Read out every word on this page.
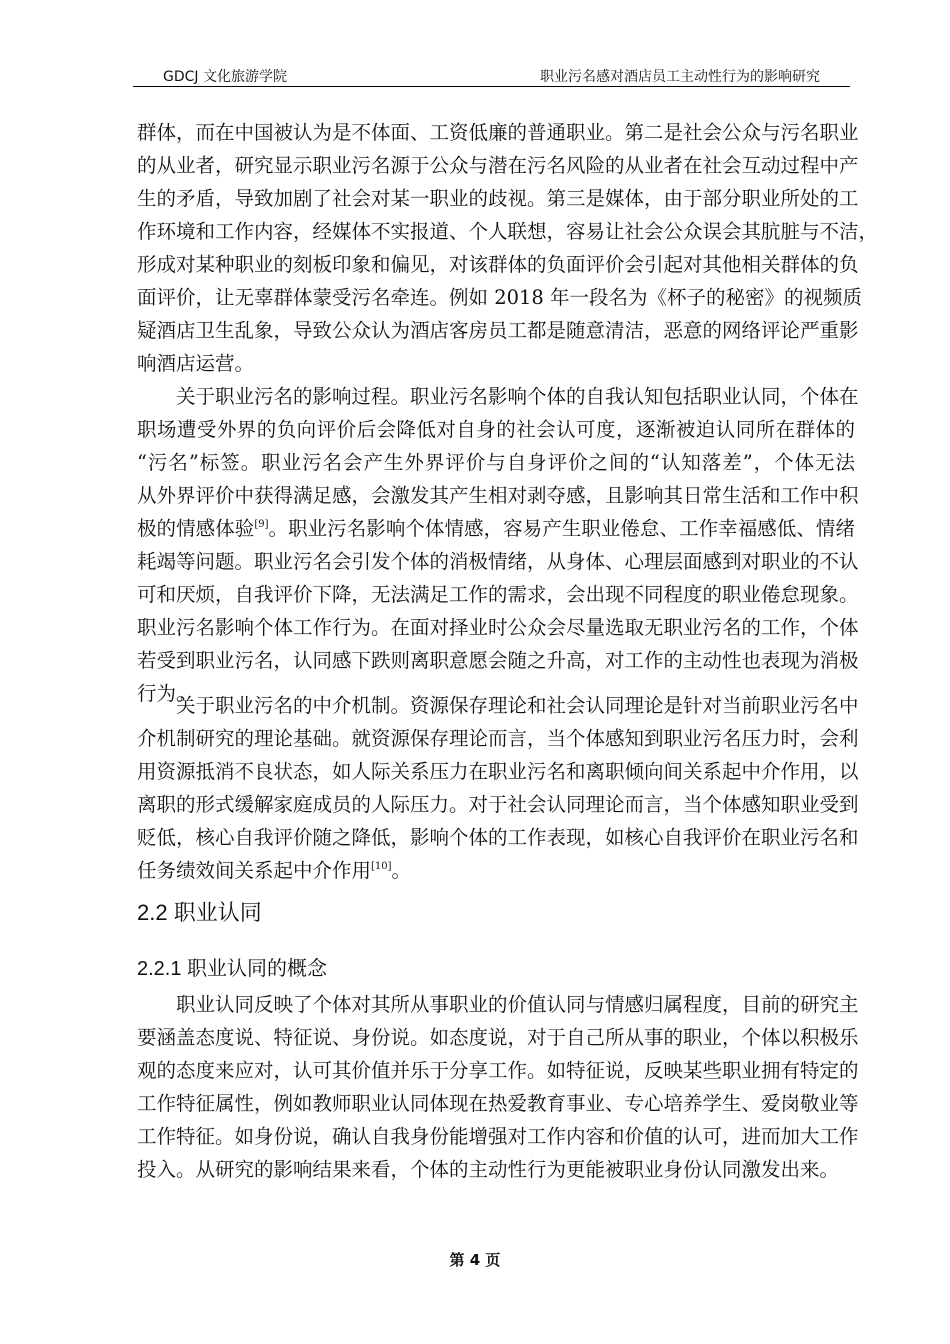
GDCJ 文化旅游学院	职业污名感对酒店员工主动性行为的影响研究
群体，而在中国被认为是不体面、工资低廉的普通职业。第二是社会公众与污名职业
的从业者，研究显示职业污名源于公众与潜在污名风险的从业者在社会互动过程中产
生的矛盾，导致加剧了社会对某一职业的歧视。第三是媒体，由于部分职业所处的工
作环境和工作内容，经媒体不实报道、个人联想，容易让社会公众误会其肮脏与不洁，
形成对某种职业的刻板印象和偏见，对该群体的负面评价会引起对其他相关群体的负
面评价，让无辜群体蒙受污名牵连。例如 2018 年一段名为《杯子的秘密》的视频质
疑酒店卫生乱象，导致公众认为酒店客房员工都是随意清洁，恶意的网络评论严重影
响酒店运营。
关于职业污名的影响过程。职业污名影响个体的自我认知包括职业认同，个体在
职场遭受外界的负向评价后会降低对自身的社会认可度，逐渐被迫认同所在群体的
“污名”标签。职业污名会产生外界评价与自身评价之间的“认知落差”，个体无法
从外界评价中获得满足感，会激发其产生相对剥夺感，且影响其日常生活和工作中积
极的情感体验[9]。职业污名影响个体情感，容易产生职业倦怠、工作幸福感低、情绪
耗竭等问题。职业污名会引发个体的消极情绪，从身体、心理层面感到对职业的不认
可和厌烦，自我评价下降，无法满足工作的需求，会出现不同程度的职业倦怠现象。
职业污名影响个体工作行为。在面对择业时公众会尽量选取无职业污名的工作，个体
若受到职业污名，认同感下跌则离职意愿会随之升高，对工作的主动性也表现为消极
行为。
关于职业污名的中介机制。资源保存理论和社会认同理论是针对当前职业污名中
介机制研究的理论基础。就资源保存理论而言，当个体感知到职业污名压力时，会利
用资源抵消不良状态，如人际关系压力在职业污名和离职倾向间关系起中介作用，以
离职的形式缓解家庭成员的人际压力。对于社会认同理论而言，当个体感知职业受到
贬低，核心自我评价随之降低，影响个体的工作表现，如核心自我评价在职业污名和
任务绩效间关系起中介作用[10]。
2.2 职业认同
2.2.1 职业认同的概念
职业认同反映了个体对其所从事职业的价值认同与情感归属程度，目前的研究主
要涵盖态度说、特征说、身份说。如态度说，对于自己所从事的职业，个体以积极乐
观的态度来应对，认可其价值并乐于分享工作。如特征说，反映某些职业拥有特定的
工作特征属性，例如教师职业认同体现在热爱教育事业、专心培养学生、爱岗敬业等
工作特征。如身份说，确认自我身份能增强对工作内容和价值的认可，进而加大工作
投入。从研究的影响结果来看，个体的主动性行为更能被职业身份认同激发出来。
第 4 页
